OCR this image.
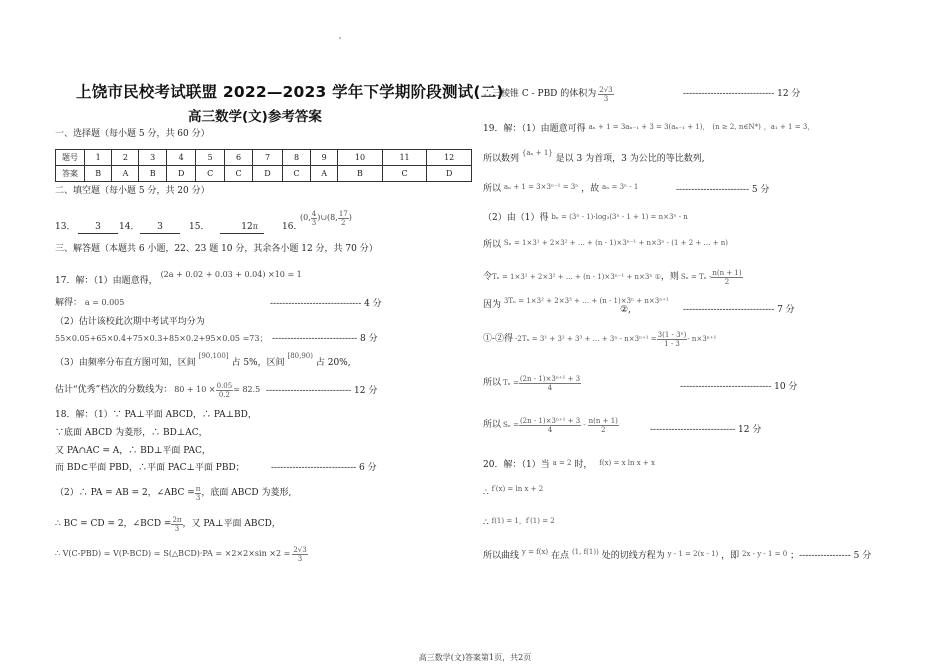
上饶市民校考试联盟 2022—2023 学年下学期阶段测试(二)
高三数学(文)参考答案
一、选择题（每小题 5 分，共 60 分）
题号	1	2	3	4	5	6	7	8	9	10	11	12
答案	B	A	B	D	C	C	D	C	A	B	C	D
二、填空题（每小题 5 分，共 20 分）
13．	3	14．	3	15．	12π	16．
(0, $\frac{4}{3}$ )∪(8, $\frac{17}{2}$ )
三、解答题（本题共 6 小题，22、23 题 10 分，其余各小题 12 分，共 70 分）
17．解：（1）由题意得， (2a + 0.02 + 0.03 + 0.04) ×10 = 1
解得： a = 0.005	------------------------------ 4 分
（2）估计该校此次期中考试平均分为
55×0.05+65×0.4+75×0.3+85×0.2+95×0.05 =73； ---------------------------- 8 分
（3）由频率分布直方图可知，区间 [90,100] 占 5%，区间 $^{[80,90)}$ 占 20%,
估计“优秀”档次的分数线为： $80 + 10 \times \frac{0.05}{0.2} = 82.5$ ---------------------------- 12 分
18．解：（1）∵ PA⊥平面 ABCD，∴ PA⊥BD，
∵底面 ABCD 为菱形，∴ BD⊥AC，
又 PA∩AC = A，∴ BD⊥平面 PAC，
而 BD⊂平面 PBD，∴平面 PAC⊥平面 PBD；	---------------------------- 6 分
（2）∴ PA = AB = 2，∠ABC = $\frac{\pi}{3}$ ，底面 ABCD 为菱形,
∴ BC = CD = 2，∠BCD = $\frac{2\pi}{3}$ ，又 PA⊥平面 ABCD，
∴ V(C-PBD) = V(P-BCD) = S(△BCD)·PA = $\times 2\times 2\times\sin \times 2 = \frac{2√3}{3}$
∴三棱锥 C - PBD 的体积为 $\frac{2√3}{3}$	------------------------------ 12 分
19．解：（1）由题意可得 $^{a_n + 1 = 3a_{n-1} + 3 = 3(a_{n-1} + 1),}$ $^{(n \ge 2, n\in N*)}$ $^{,a_1 + 1 = 3,}$
所以数列 $^{\{a_n + 1\}}$ 是以 3 为首项，3 为公比的等比数列,
所以 $^{a_n + 1 = 3\times 3^{n-1} = 3^n}$ ，故 $^{a_n = 3^n - 1}$	------------------------ 5 分
（2）由（1）得 bₙ = (3ⁿ - 1)·log₃(3ⁿ - 1 + 1) = n×3ⁿ - n
所以 $^{S_n = 1\times 3^1 + 2\times 3^2 + \dots + (n - 1)\times 3^{n-1} + n\times 3^n - (1 + 2 + \dots + n)}$
令 Tₙ = 1×3¹ + 2×3² + … + (n - 1)×3ⁿ⁻¹ + n×3ⁿ ① ，则 $S_n = T_n - \frac{n(n + 1)}{2}$
因为 $^{3T_n = 1\times 3^2 + 2\times 3^3 + \dots + (n - 1)\times 3^n + n\times 3^{n+1}}$
②,	------------------------------ 7 分
①-②得 -2Tₙ = 3¹ + 3² + 3³ + … + $3^n - n\times 3^{n+1} = \frac{\text{3(1 - 3ⁿ)}}{1 - 3} - n\times 3^{n+1}$
所以 $T_n = \frac{\text{(2n - 1)×3ⁿ⁺¹ + 3}}{4}$	------------------------------ 10 分
所以 $S_n = \frac{\text{(2n - 1)×3ⁿ⁺¹ + 3}}{4} - \frac{n(n + 1)}{2}$	---------------------------- 12 分
20．解：（1）当 $^{a = 2}$ 时， $^{f(x) = x ln x + x}$
∴ $^{f'(x) = ln x + 2}$
∴ $^{f(1) = 1,f'(1) = 2}$
所以曲线 $^{y = f(x)}$ 在点 $^{(1, f(1))}$ 处的切线方程为 $^{y - 1 = 2(x - 1)}$ ，即 $^{2x - y - 1 = 0}$ ；----------------- 5 分
高三数学(文)答案第1页，共2页
